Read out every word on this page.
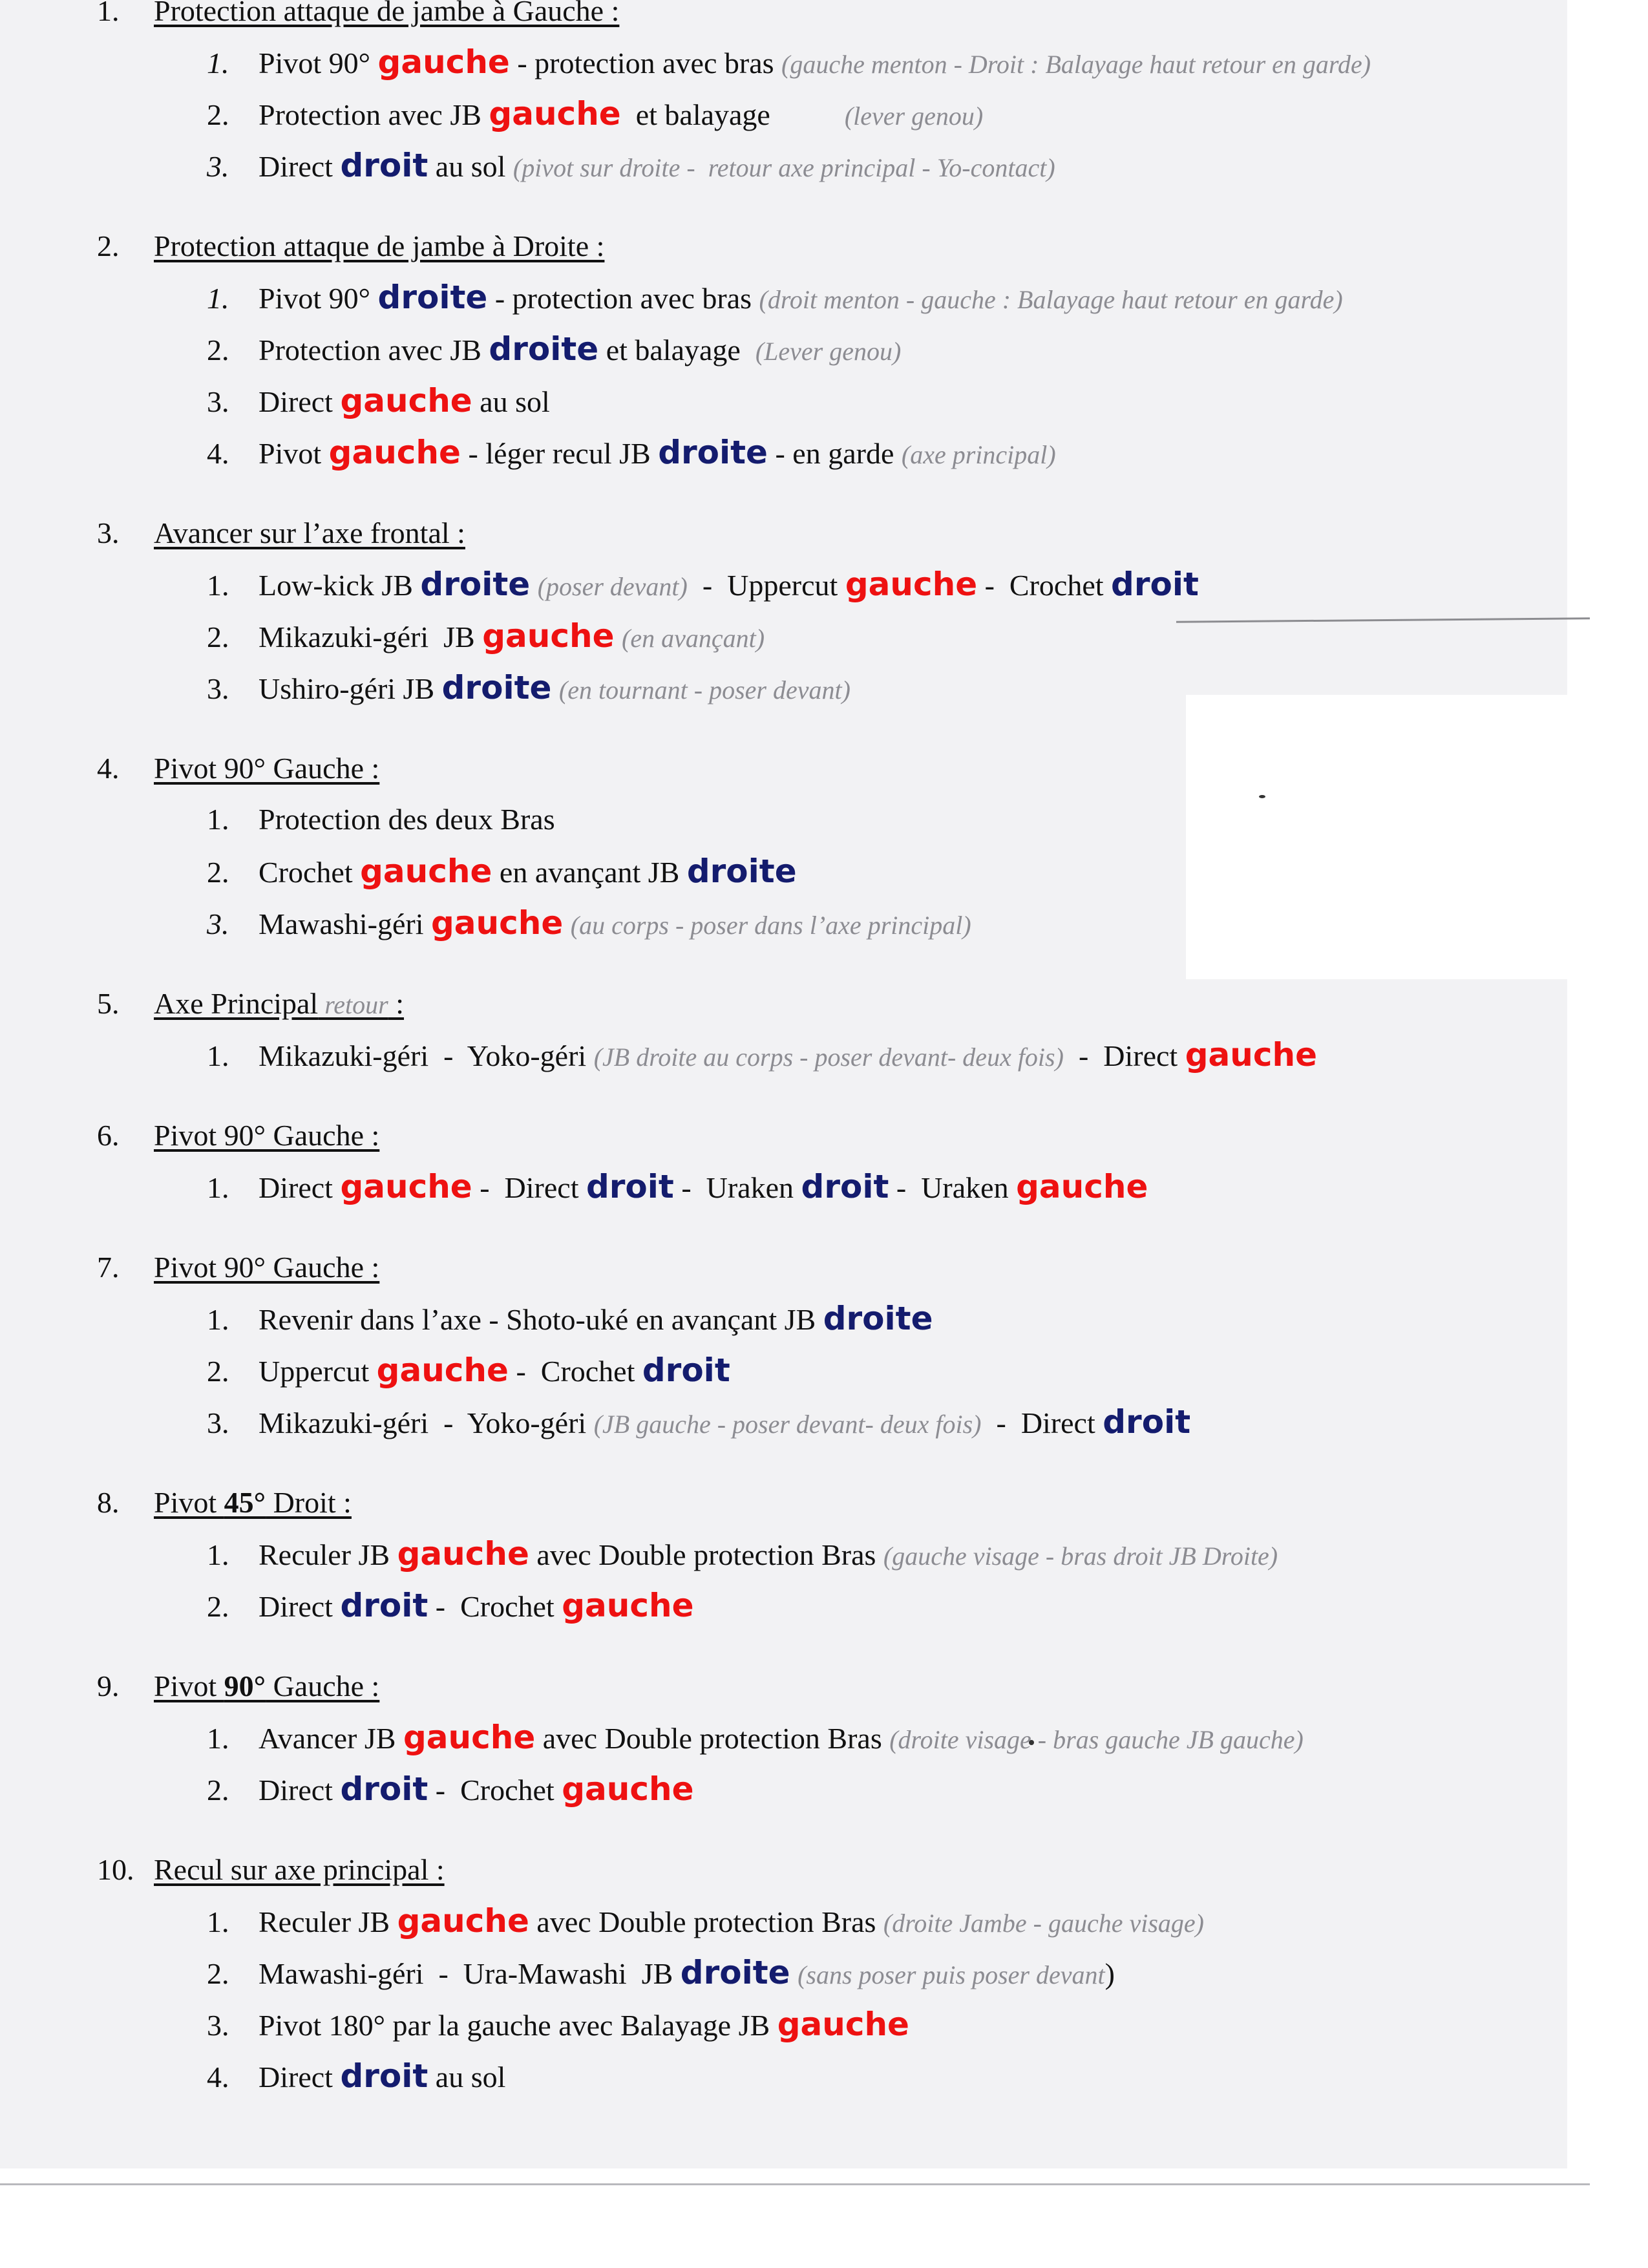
1.	Protection attaque de jambe à Gauche :
1. Pivot 90° gauche - protection avec bras (gauche menton - Droit : Balayage haut retour en garde)
2. Protection avec JB gauche  et balayage          (lever genou)
3. Direct droit au sol (pivot sur droite -  retour axe principal - Yo-contact)
2.	Protection attaque de jambe à Droite :
1. Pivot 90° droite - protection avec bras (droit menton - gauche : Balayage haut retour en garde)
2. Protection avec JB droite et balayage  (Lever genou)
3. Direct gauche au sol
4. Pivot gauche - léger recul JB droite - en garde (axe principal)
3.	Avancer sur l’axe frontal :
1. Low-kick JB droite (poser devant)  -  Uppercut gauche -  Crochet droit
2. Mikazuki-géri  JB gauche (en avançant)
3. Ushiro-géri JB droite (en tournant - poser devant)
4.	Pivot 90° Gauche :
1. Protection des deux Bras
2. Crochet gauche en avançant JB droite
3. Mawashi-géri gauche (au corps - poser dans l’axe principal)
5.	Axe Principal retour :
1. Mikazuki-géri  -  Yoko-géri (JB droite au corps - poser devant- deux fois)  -  Direct gauche
6.	Pivot 90° Gauche :
1. Direct gauche -  Direct droit -  Uraken droit -  Uraken gauche
7.	Pivot 90° Gauche :
1. Revenir dans l’axe - Shoto-uké en avançant JB droite
2. Uppercut gauche -  Crochet droit
3. Mikazuki-géri  -  Yoko-géri (JB gauche - poser devant- deux fois)  -  Direct droit
8.	Pivot 45° Droit :
1. Reculer JB gauche avec Double protection Bras (gauche visage - bras droit JB Droite)
2. Direct droit -  Crochet gauche
9.	Pivot 90° Gauche :
1. Avancer JB gauche avec Double protection Bras (droite visage - bras gauche JB gauche)
2. Direct droit -  Crochet gauche
10. Recul sur axe principal :
1. Reculer JB gauche avec Double protection Bras (droite Jambe - gauche visage)
2. Mawashi-géri  -  Ura-Mawashi  JB droite (sans poser puis poser devant)
3. Pivot 180° par la gauche avec Balayage JB gauche
4. Direct droit au sol
